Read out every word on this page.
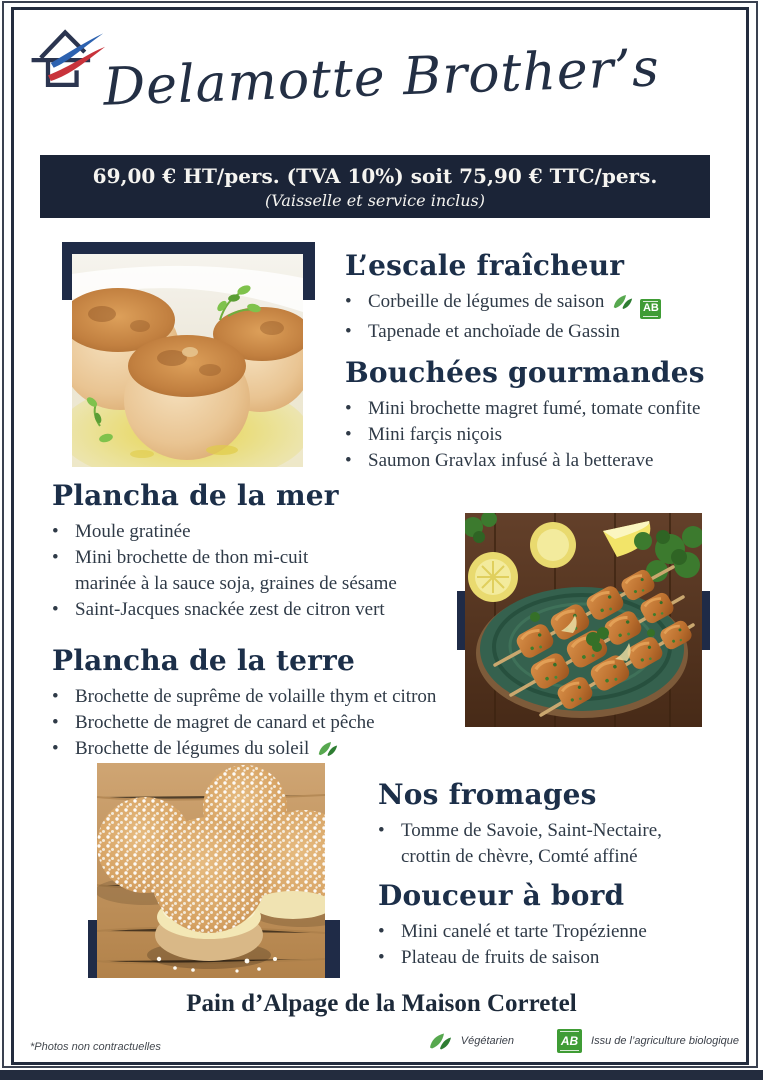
Delamotte Brother’s
69,00 € HT/pers. (TVA 10%) soit 75,90 € TTC/pers.
(Vaisselle et service inclus)
L’escale fraîcheur
•
Corbeille de légumes de saison	AB
•
Tapenade et anchoïade de Gassin
Bouchées gourmandes
•
Mini brochette magret fumé, tomate confite
•
Mini farçis niçois
•
Saumon Gravlax infusé à la betterave
Plancha de la mer
•
Moule gratinée
•
Mini brochette de thon mi-cuit
marinée à la sauce soja, graines de sésame
•
Saint-Jacques snackée zest de citron vert
Plancha de la terre
•
Brochette de suprême de volaille thym et citron
•
Brochette de magret de canard et pêche
•
Brochette de légumes du soleil
Nos fromages
•
Tomme de Savoie, Saint-Nectaire,
crottin de chèvre, Comté affiné
Douceur à bord
•
Mini canelé et tarte Tropézienne
•
Plateau de fruits de saison
Pain d’Alpage de la Maison Corretel
*Photos non contractuelles	Végétarien	AB Issu de l’agriculture biologique
